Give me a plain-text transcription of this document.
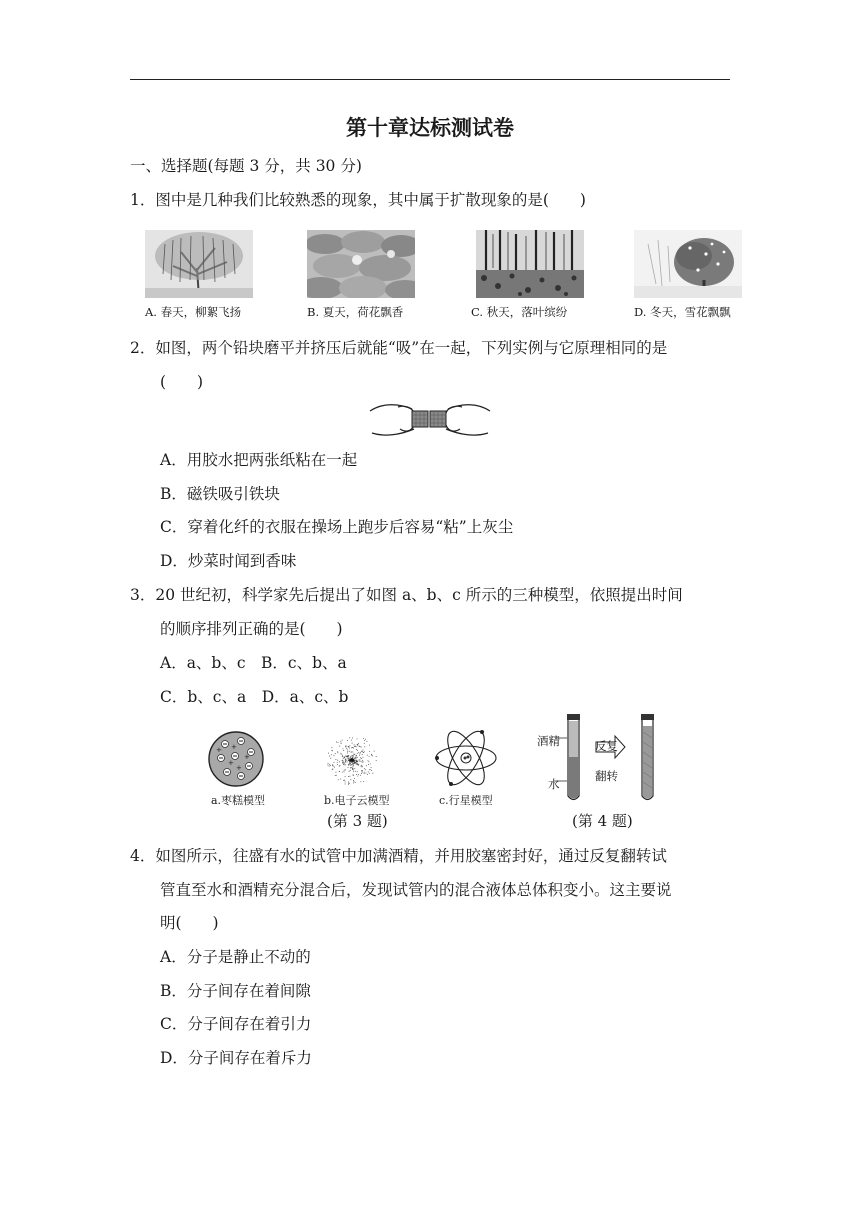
第十章达标测试卷
一、选择题(每题 3 分，共 30 分)
1．图中是几种我们比较熟悉的现象，其中属于扩散现象的是(　　)
A. 春天，柳絮飞扬	B. 夏天，荷花飘香	C. 秋天，落叶缤纷	D. 冬天，雪花飘飘
2．如图，两个铅块磨平并挤压后就能“吸”在一起，下列实例与它原理相同的是
(　　)
A．用胶水把两张纸粘在一起
B．磁铁吸引铁块
C．穿着化纤的衣服在操场上跑步后容易“粘”上灰尘
D．炒菜时闻到香味
3．20 世纪初，科学家先后提出了如图 a、b、c 所示的三种模型，依照提出时间
的顺序排列正确的是(　　)
A．a、b、c　B．c、b、a
C．b、c、a　D．a、c、b
+
+
+
+
+
a.枣糕模型	b.电子云模型	c.行星模型
(第 3 题)
酒精
水
反复
翻转
(第 4 题)
4．如图所示，往盛有水的试管中加满酒精，并用胶塞密封好，通过反复翻转试
管直至水和酒精充分混合后，发现试管内的混合液体总体积变小。这主要说
明(　　)
A．分子是静止不动的
B．分子间存在着间隙
C．分子间存在着引力
D．分子间存在着斥力
